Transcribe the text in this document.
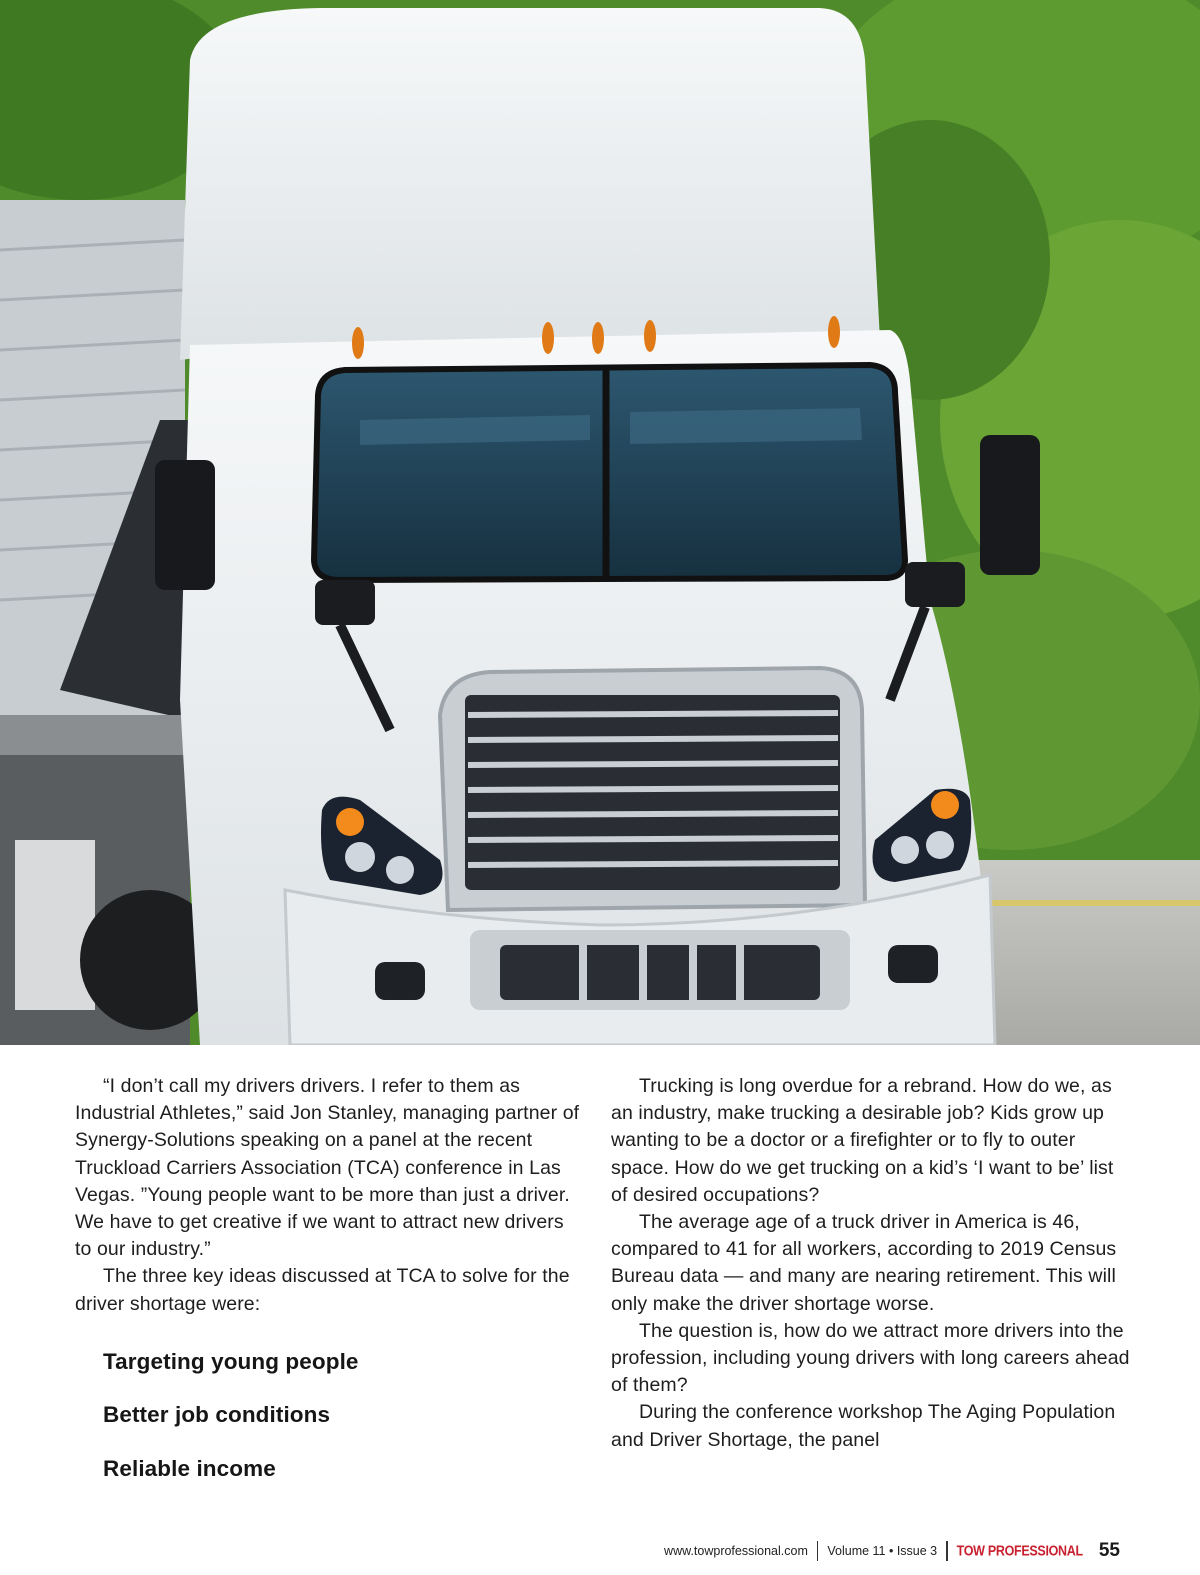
“I don’t call my drivers drivers. I refer to them as Industrial Athletes,” said Jon Stanley, managing partner of Synergy-Solutions speaking on a panel at the recent Truckload Carriers Association (TCA) conference in Las Vegas. ”Young people want to be more than just a driver. We have to get creative if we want to attract new drivers to our industry.”

The three key ideas discussed at TCA to solve for the driver shortage were:

Targeting young people
Better job conditions
Reliable income

Trucking is long overdue for a rebrand. How do we, as an industry, make trucking a desirable job? Kids grow up wanting to be a doctor or a firefighter or to fly to outer space. How do we get trucking on a kid’s ‘I want to be’ list of desired occupations?

The average age of a truck driver in America is 46, compared to 41 for all workers, according to 2019 Census Bureau data — and many are nearing retirement. This will only make the driver shortage worse.

The question is, how do we attract more drivers into the profession, including young drivers with long careers ahead of them?

During the conference workshop The Aging Population and Driver Shortage, the panel

www.towprofessional.com Volume 11 • Issue 3 TOW PROFESSIONAL 55
